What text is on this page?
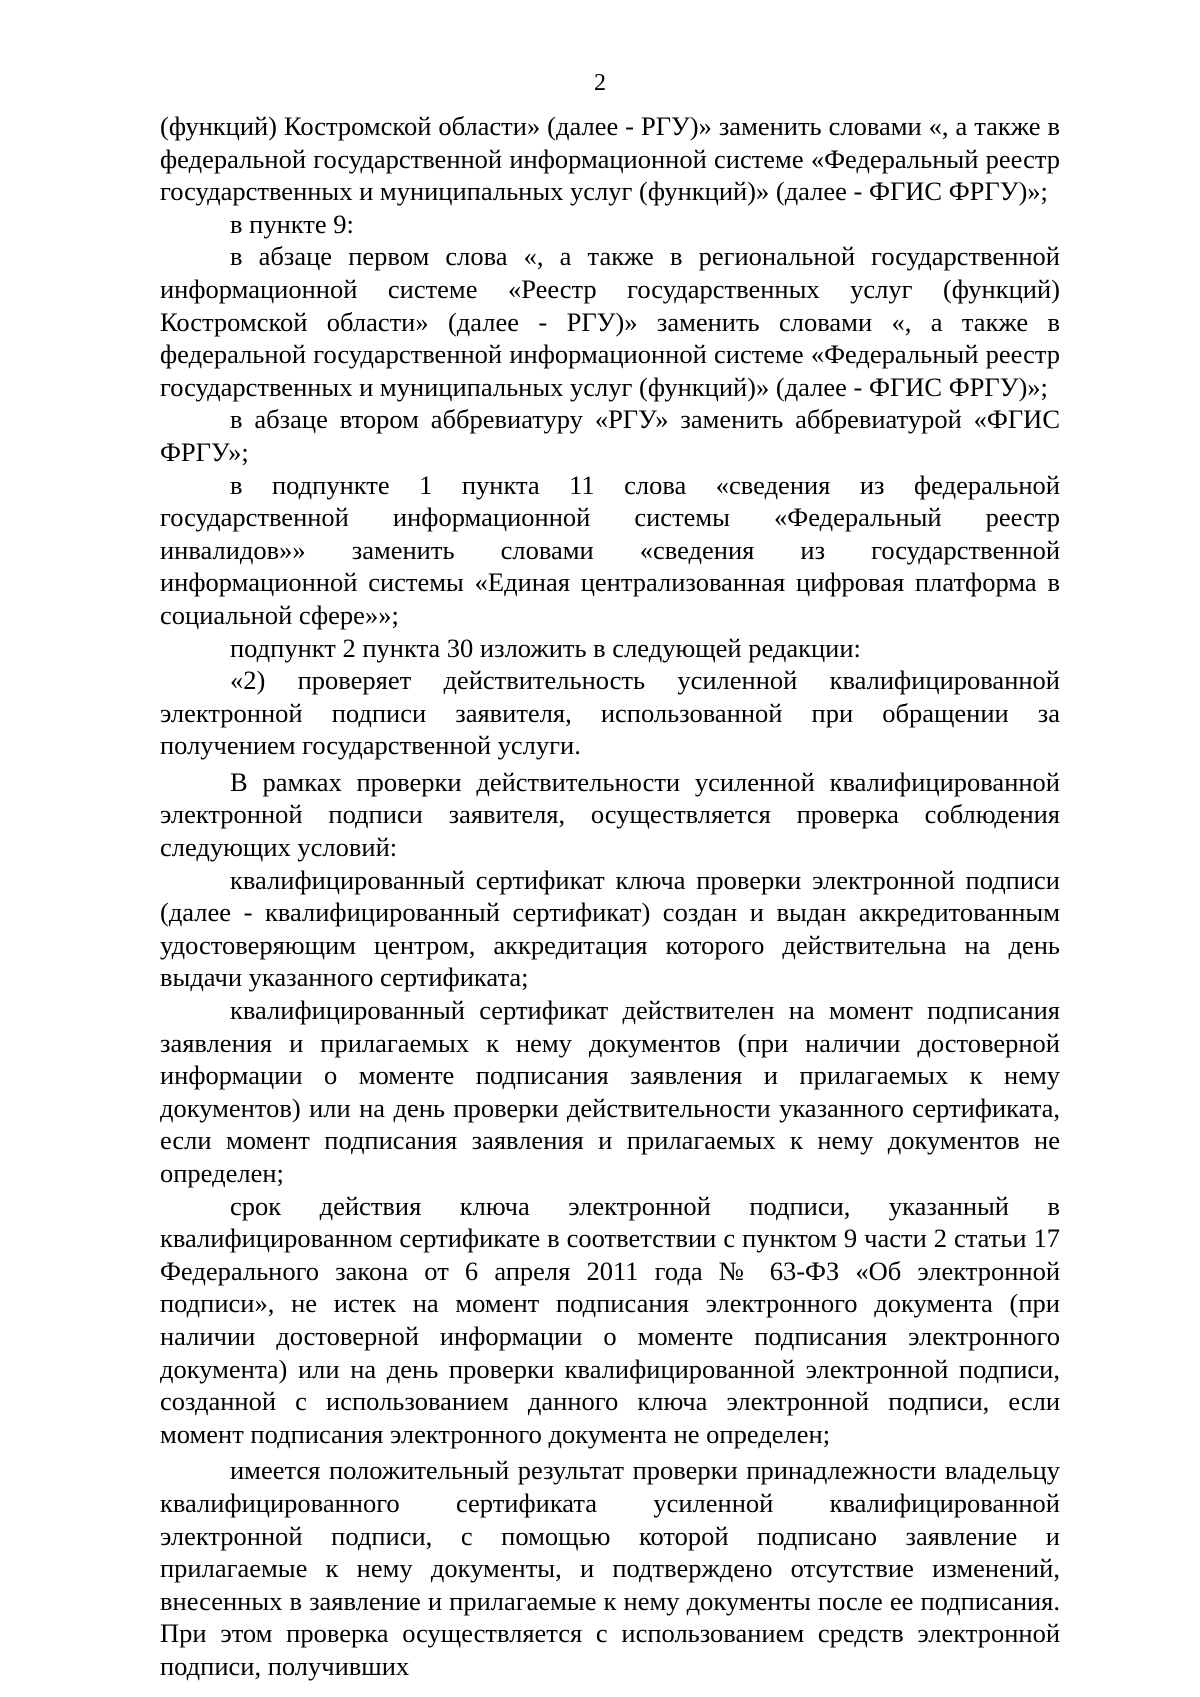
2

(функций) Костромской области» (далее - РГУ)» заменить словами «, а также в федеральной государственной информационной системе «Федеральный реестр государственных и муниципальных услуг (функций)» (далее - ФГИС ФРГУ)»;

в пункте 9:

в абзаце первом слова «, а также в региональной государственной информационной системе «Реестр государственных услуг (функций) Костромской области» (далее - РГУ)» заменить словами «, а также в федеральной государственной информационной системе «Федеральный реестр государственных и муниципальных услуг (функций)» (далее - ФГИС ФРГУ)»;

в абзаце втором аббревиатуру «РГУ» заменить аббревиатурой «ФГИС ФРГУ»;

в подпункте 1 пункта 11 слова «сведения из федеральной государственной информационной системы «Федеральный реестр инвалидов»» заменить словами «сведения из государственной информационной системы «Единая централизованная цифровая платформа в социальной сфере»»;

подпункт 2 пункта 30 изложить в следующей редакции:

«2) проверяет действительность усиленной квалифицированной электронной подписи заявителя, использованной при обращении за получением государственной услуги.

В рамках проверки действительности усиленной квалифицированной электронной подписи заявителя, осуществляется проверка соблюдения следующих условий:

квалифицированный сертификат ключа проверки электронной подписи (далее - квалифицированный сертификат) создан и выдан аккредитованным удостоверяющим центром, аккредитация которого действительна на день выдачи указанного сертификата;

квалифицированный сертификат действителен на момент подписания заявления и прилагаемых к нему документов (при наличии достоверной информации о моменте подписания заявления и прилагаемых к нему документов) или на день проверки действительности указанного сертификата, если момент подписания заявления и прилагаемых к нему документов не определен;

срок действия ключа электронной подписи, указанный в квалифицированном сертификате в соответствии с пунктом 9 части 2 статьи 17 Федерального закона от 6 апреля 2011 года № 63-ФЗ «Об электронной подписи», не истек на момент подписания электронного документа (при наличии достоверной информации о моменте подписания электронного документа) или на день проверки квалифицированной электронной подписи, созданной с использованием данного ключа электронной подписи, если момент подписания электронного документа не определен;

имеется положительный результат проверки принадлежности владельцу квалифицированного сертификата усиленной квалифицированной электронной подписи, с помощью которой подписано заявление и прилагаемые к нему документы, и подтверждено отсутствие изменений, внесенных в заявление и прилагаемые к нему документы после ее подписания. При этом проверка осуществляется с использованием средств электронной подписи, получивших
